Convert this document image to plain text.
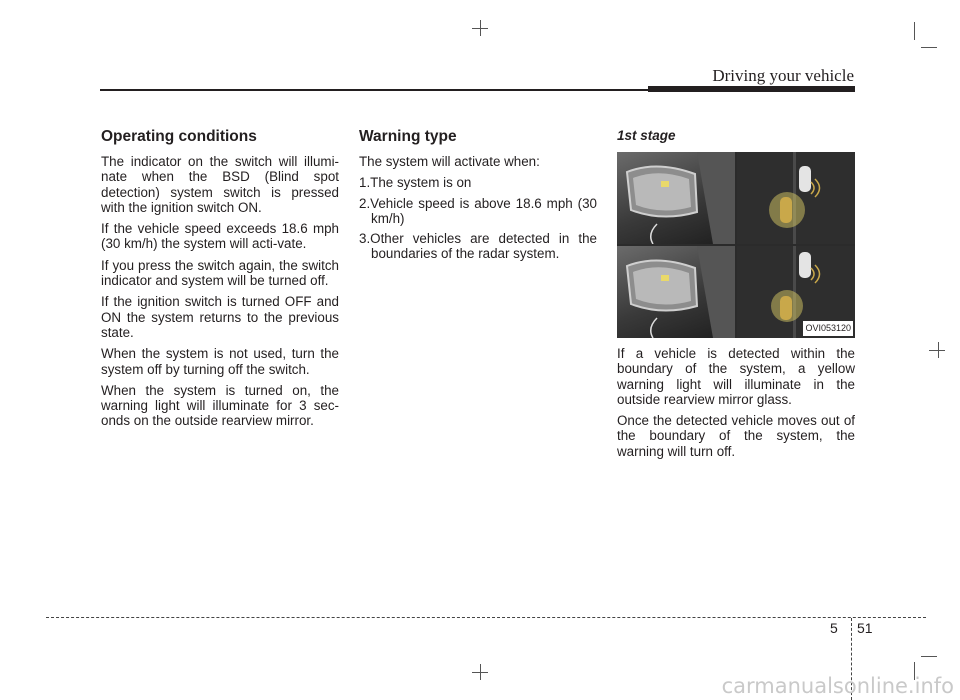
Driving your vehicle
Operating conditions

The indicator on the switch will illumi-nate when the BSD (Blind spot detection) system switch is pressed with the ignition switch ON.

If the vehicle speed exceeds 18.6 mph (30 km/h) the system will acti-vate.

If you press the switch again, the switch indicator and system will be turned off.

If the ignition switch is turned OFF and ON the system returns to the previous state.

When the system is not used, turn the system off by turning off the switch.

When the system is turned on, the warning light will illuminate for 3 sec-onds on the outside rearview mirror.

Warning type

The system will activate when:

1.The system is on
2.Vehicle speed is above 18.6 mph (30 km/h)
3.Other vehicles are detected in the boundaries of the radar system.
1st stage
OVI053120

If a vehicle is detected within the boundary of the system, a yellow warning light will illuminate in the outside rearview mirror glass.

Once the detected vehicle moves out of the boundary of the system, the warning will turn off.

5 51
carmanualsonline.info
